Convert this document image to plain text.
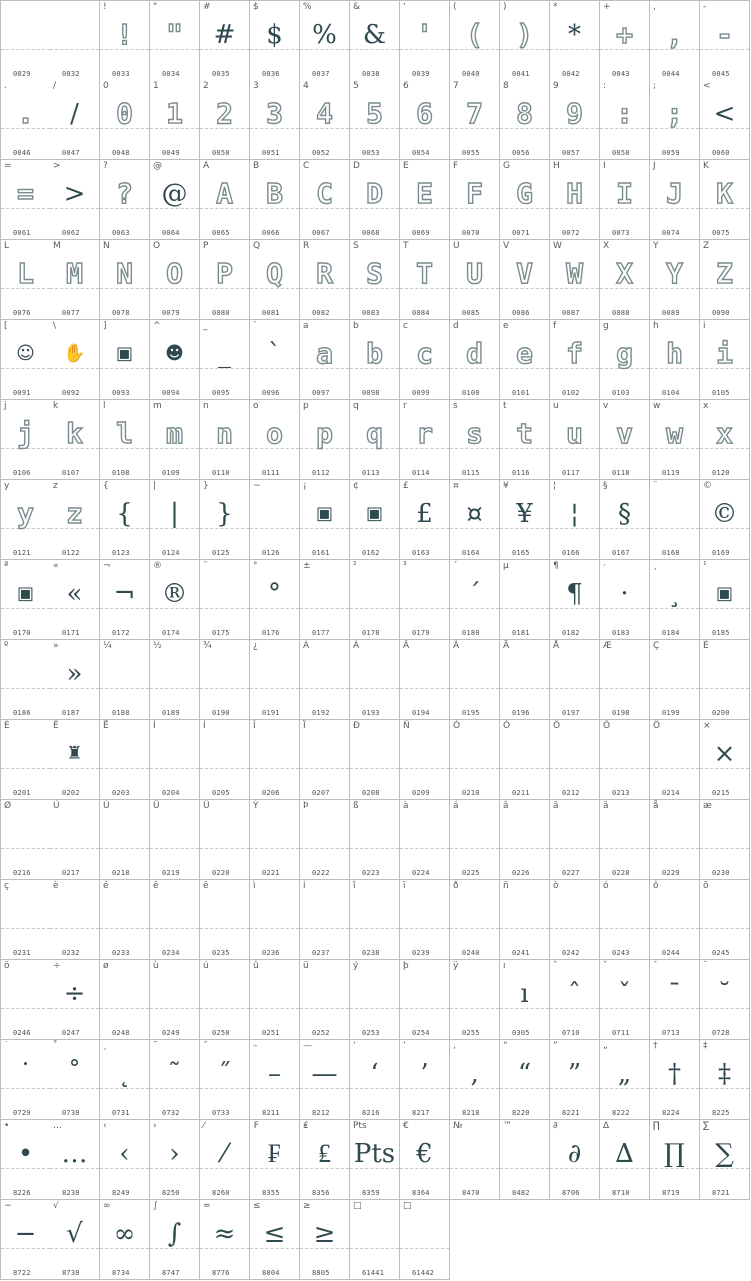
0029	0032
!
!
0033
"
"
0034
#
#
0035
$
$
0036
%
%
0037
&
&
0038
'
'
0039
(
(
0040
)
)
0041
*
*
0042
+
+
0043
,
,
0044
-
-
0045
.
.
0046
/
/
0047
0
0
0048
1
1
0049
2
2
0050
3
3
0051
4
4
0052
5
5
0053
6
6
0054
7
7
0055
8
8
0056
9
9
0057
:
:
0058
;
;
0059
<
<
0060
=
=
0061
>
>
0062
?
?
0063
@
@
0064
A
A
0065
B
B
0066
C
C
0067
D
D
0068
E
E
0069
F
F
0070
G
G
0071
H
H
0072
I
I
0073
J
J
0074
K
K
0075
L
L
0076
M
M
0077
N
N
0078
O
O
0079
P
P
0080
Q
Q
0081
R
R
0082
S
S
0083
T
T
0084
U
U
0085
V
V
0086
W
W
0087
X
X
0088
Y
Y
0089
Z
Z
0090
[
☺
0091
\
✋
0092
]
▣
0093
^
☻
0094
_
_
0095
`
`
0096
a
a
0097
b
b
0098
c
c
0099
d
d
0100
e
e
0101
f
f
0102
g
g
0103
h
h
0104
i
i
0105
j
j
0106
k
k
0107
l
l
0108
m
m
0109
n
n
0110
o
o
0111
p
p
0112
q
q
0113
r
r
0114
s
s
0115
t
t
0116
u
u
0117
v
v
0118
w
w
0119
x
x
0120
y
y
0121
z
z
0122
{
{
0123
|
|
0124
}
}
0125
~
0126
¡
▣
0161
¢
▣
0162
£
£
0163
¤
¤
0164
¥
¥
0165
¦
¦
0166
§
§
0167
¨
0168
©
©
0169
ª
▣
0170
«
«
0171
¬
¬
0172
®
®
0174
¯
0175
°
°
0176
±
0177
²
0178
³
0179
´
´
0180
µ
0181
¶
¶
0182
·
·
0183
¸
¸
0184
¹
▣
0185
º
0186
»
»
0187
¼
0188
½
0189
¾
0190
¿
0191
À
0192
Á
0193
Â
0194
Ã
0195
Ä
0196
Å
0197
Æ
0198
Ç
0199
È
0200
É
0201
Ê
♜
0202
Ë
0203
Ì
0204
Í
0205
Î
0206
Ï
0207
Ð
0208
Ñ
0209
Ò
0210
Ó
0211
Ô
0212
Õ
0213
Ö
0214
×
×
0215
Ø
0216
Ù
0217
Ú
0218
Û
0219
Ü
0220
Ý
0221
Þ
0222
ß
0223
à
0224
á
0225
â
0226
ã
0227
ä
0228
å
0229
æ
0230
ç
0231
è
0232
é
0233
ê
0234
ë
0235
ì
0236
í
0237
î
0238
ï
0239
ð
0240
ñ
0241
ò
0242
ó
0243
ô
0244
õ
0245
ö
0246
÷
÷
0247
ø
0248
ù
0249
ú
0250
û
0251
ü
0252
ý
0253
þ
0254
ÿ
0255
ı
ı
0305
ˆ
ˆ
0710
ˇ
ˇ
0711
ˉ
ˉ
0713
˘
˘
0728
˙
˙
0729
˚
˚
0730
˛
˛
0731
˜
˜
0732
˝
˝
0733
–
–
8211
—
—
8212
‘
‘
8216
’
’
8217
‚
‚
8218
“
“
8220
”
”
8221
„
„
8222
†
†
8224
‡
‡
8225
•
•
8226
…
…
8230
‹
‹
8249
›
›
8250
⁄
⁄
8260
₣
₣
8355
₤
₤
8356
Pts
Pts
8359
€
€
8364
№
8470
™
8482
∂
∂
8706
∆
∆
8710
∏
∏
8719
∑
∑
8721
−
−
8722
√
√
8730
∞
∞
8734
∫
∫
8747
≈
≈
8776
≤
≤
8804
≥
≥
8805
□
61441
□
61442
